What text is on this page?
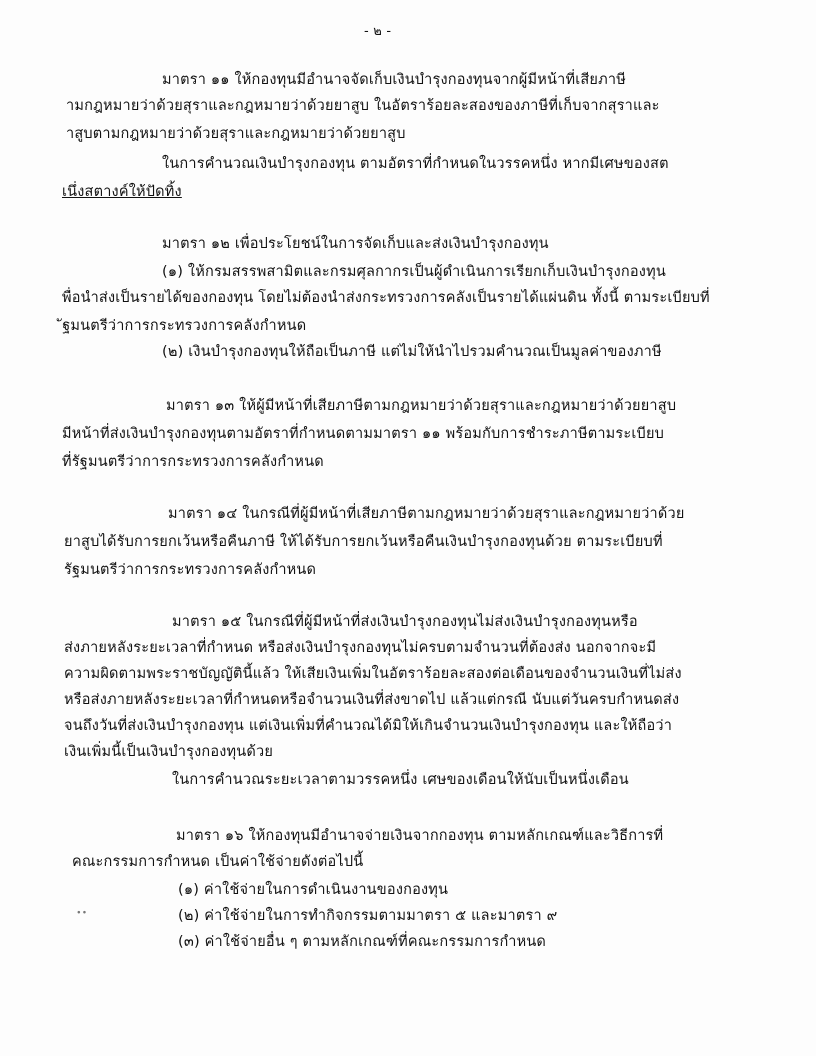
- ๒ -
มาตรา ๑๑ ให้กองทุนมีอำนาจจัดเก็บเงินบำรุงกองทุนจากผู้มีหน้าที่เสียภาษี
ามกฎหมายว่าด้วยสุราและกฎหมายว่าด้วยยาสูบ ในอัตราร้อยละสองของภาษีที่เก็บจากสุราและ
าสูบตามกฎหมายว่าด้วยสุราและกฎหมายว่าด้วยยาสูบ
ในการคำนวณเงินบำรุงกองทุน ตามอัตราที่กำหนดในวรรคหนึ่ง หากมีเศษของสต
เนึ่งสตางค์ให้ปัดทิ้ง
มาตรา ๑๒ เพื่อประโยชน์ในการจัดเก็บและส่งเงินบำรุงกองทุน
(๑) ให้กรมสรรพสามิตและกรมศุลกากรเป็นผู้ดำเนินการเรียกเก็บเงินบำรุงกองทุน
พื่อนำส่งเป็นรายได้ของกองทุน โดยไม่ต้องนำส่งกระทรวงการคลังเป็นรายได้แผ่นดิน ทั้งนี้ ตามระเบียบที่
ัฐมนตรีว่าการกระทรวงการคลังกำหนด
(๒) เงินบำรุงกองทุนให้ถือเป็นภาษี แต่ไม่ให้นำไปรวมคำนวณเป็นมูลค่าของภาษี
มาตรา ๑๓ ให้ผู้มีหน้าที่เสียภาษีตามกฎหมายว่าด้วยสุราและกฎหมายว่าด้วยยาสูบ
มีหน้าที่ส่งเงินบำรุงกองทุนตามอัตราที่กำหนดตามมาตรา ๑๑ พร้อมกับการชำระภาษีตามระเบียบ
ที่รัฐมนตรีว่าการกระทรวงการคลังกำหนด
มาตรา ๑๔ ในกรณีที่ผู้มีหน้าที่เสียภาษีตามกฎหมายว่าด้วยสุราและกฎหมายว่าด้วย
ยาสูบได้รับการยกเว้นหรือคืนภาษี ให้ได้รับการยกเว้นหรือคืนเงินบำรุงกองทุนด้วย ตามระเบียบที่
รัฐมนตรีว่าการกระทรวงการคลังกำหนด
มาตรา ๑๕ ในกรณีที่ผู้มีหน้าที่ส่งเงินบำรุงกองทุนไม่ส่งเงินบำรุงกองทุนหรือ
ส่งภายหลังระยะเวลาที่กำหนด หรือส่งเงินบำรุงกองทุนไม่ครบตามจำนวนที่ต้องส่ง นอกจากจะมี
ความผิดตามพระราชบัญญัตินี้แล้ว ให้เสียเงินเพิ่มในอัตราร้อยละสองต่อเดือนของจำนวนเงินที่ไม่ส่ง
หรือส่งภายหลังระยะเวลาที่กำหนดหรือจำนวนเงินที่ส่งขาดไป แล้วแต่กรณี นับแต่วันครบกำหนดส่ง
จนถึงวันที่ส่งเงินบำรุงกองทุน แต่เงินเพิ่มที่คำนวณได้มิให้เกินจำนวนเงินบำรุงกองทุน และให้ถือว่า
เงินเพิ่มนี้เป็นเงินบำรุงกองทุนด้วย
ในการคำนวณระยะเวลาตามวรรคหนึ่ง เศษของเดือนให้นับเป็นหนึ่งเดือน
มาตรา ๑๖ ให้กองทุนมีอำนาจจ่ายเงินจากกองทุน ตามหลักเกณฑ์และวิธีการที่
คณะกรรมการกำหนด เป็นค่าใช้จ่ายดังต่อไปนี้
(๑) ค่าใช้จ่ายในการดำเนินงานของกองทุน
(๒) ค่าใช้จ่ายในการทำกิจกรรมตามมาตรา ๕ และมาตรา ๙
(๓) ค่าใช้จ่ายอื่น ๆ ตามหลักเกณฑ์ที่คณะกรรมการกำหนด
∙∙
